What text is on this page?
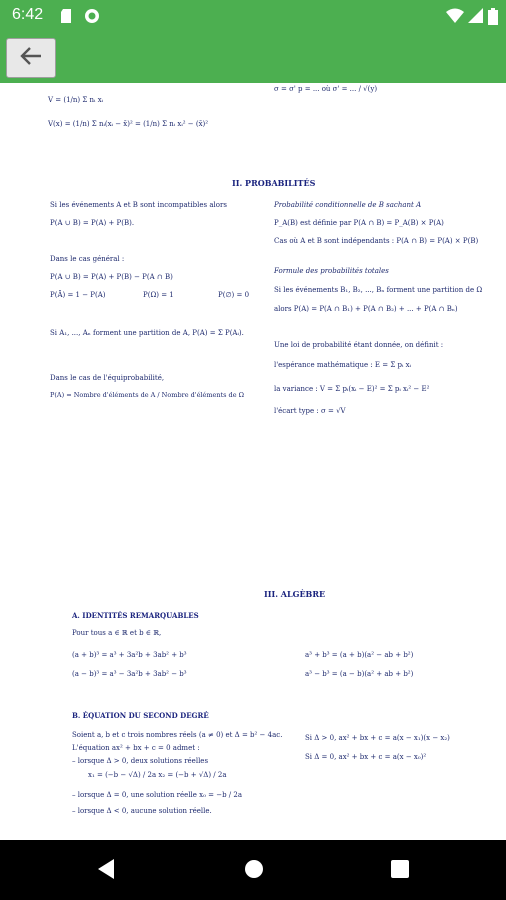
6:42
V = (1/n) Σ nᵢ xᵢ
V(x) = (1/n) Σ nᵢ(xᵢ − x̄)² = (1/n) Σ nᵢ xᵢ² − (x̄)²
σ = σ' p = ... où σ' = ... / √(y)
II. PROBABILITÉS
Si les événements A et B sont incompatibles alors
P(A ∪ B) = P(A) + P(B).
Dans le cas général :
P(A ∪ B) = P(A) + P(B) − P(A ∩ B)
P(Ā) = 1 − P(A)	P(Ω) = 1	P(∅) = 0
Si A₁, ..., Aₙ forment une partition de A, P(A) = Σ P(Aᵢ).
Dans le cas de l'équiprobabilité,
P(A) = Nombre d'éléments de A / Nombre d'éléments de Ω
Probabilité conditionnelle de B sachant A
P_A(B) est définie par P(A ∩ B) = P_A(B) × P(A)
Cas où A et B sont indépendants : P(A ∩ B) = P(A) × P(B)
Formule des probabilités totales
Si les événements B₁, B₂, ..., Bₙ forment une partition de Ω
alors P(A) = P(A ∩ B₁) + P(A ∩ B₂) + ... + P(A ∩ Bₙ)
Une loi de probabilité étant donnée, on définit :
l'espérance mathématique : E = Σ pᵢ xᵢ
la variance : V = Σ pᵢ(xᵢ − E)² = Σ pᵢ xᵢ² − E²
l'écart type : σ = √V
III. ALGÈBRE
A. IDENTITÉS REMARQUABLES
Pour tous a ∈ ℝ et b ∈ ℝ,
(a + b)³ = a³ + 3a²b + 3ab² + b³
(a − b)³ = a³ − 3a²b + 3ab² − b³
a³ + b³ = (a + b)(a² − ab + b²)
a³ − b³ = (a − b)(a² + ab + b²)
B. ÉQUATION DU SECOND DEGRÉ
Soient a, b et c trois nombres réels (a ≠ 0) et Δ = b² − 4ac.
L'équation ax² + bx + c = 0 admet :
– lorsque Δ > 0, deux solutions réelles
x₁ = (−b − √Δ) / 2a x₂ = (−b + √Δ) / 2a
– lorsque Δ = 0, une solution réelle x₀ = −b / 2a
– lorsque Δ < 0, aucune solution réelle.
Si Δ > 0, ax² + bx + c = a(x − x₁)(x − x₂)
Si Δ = 0, ax² + bx + c = a(x − x₀)²
